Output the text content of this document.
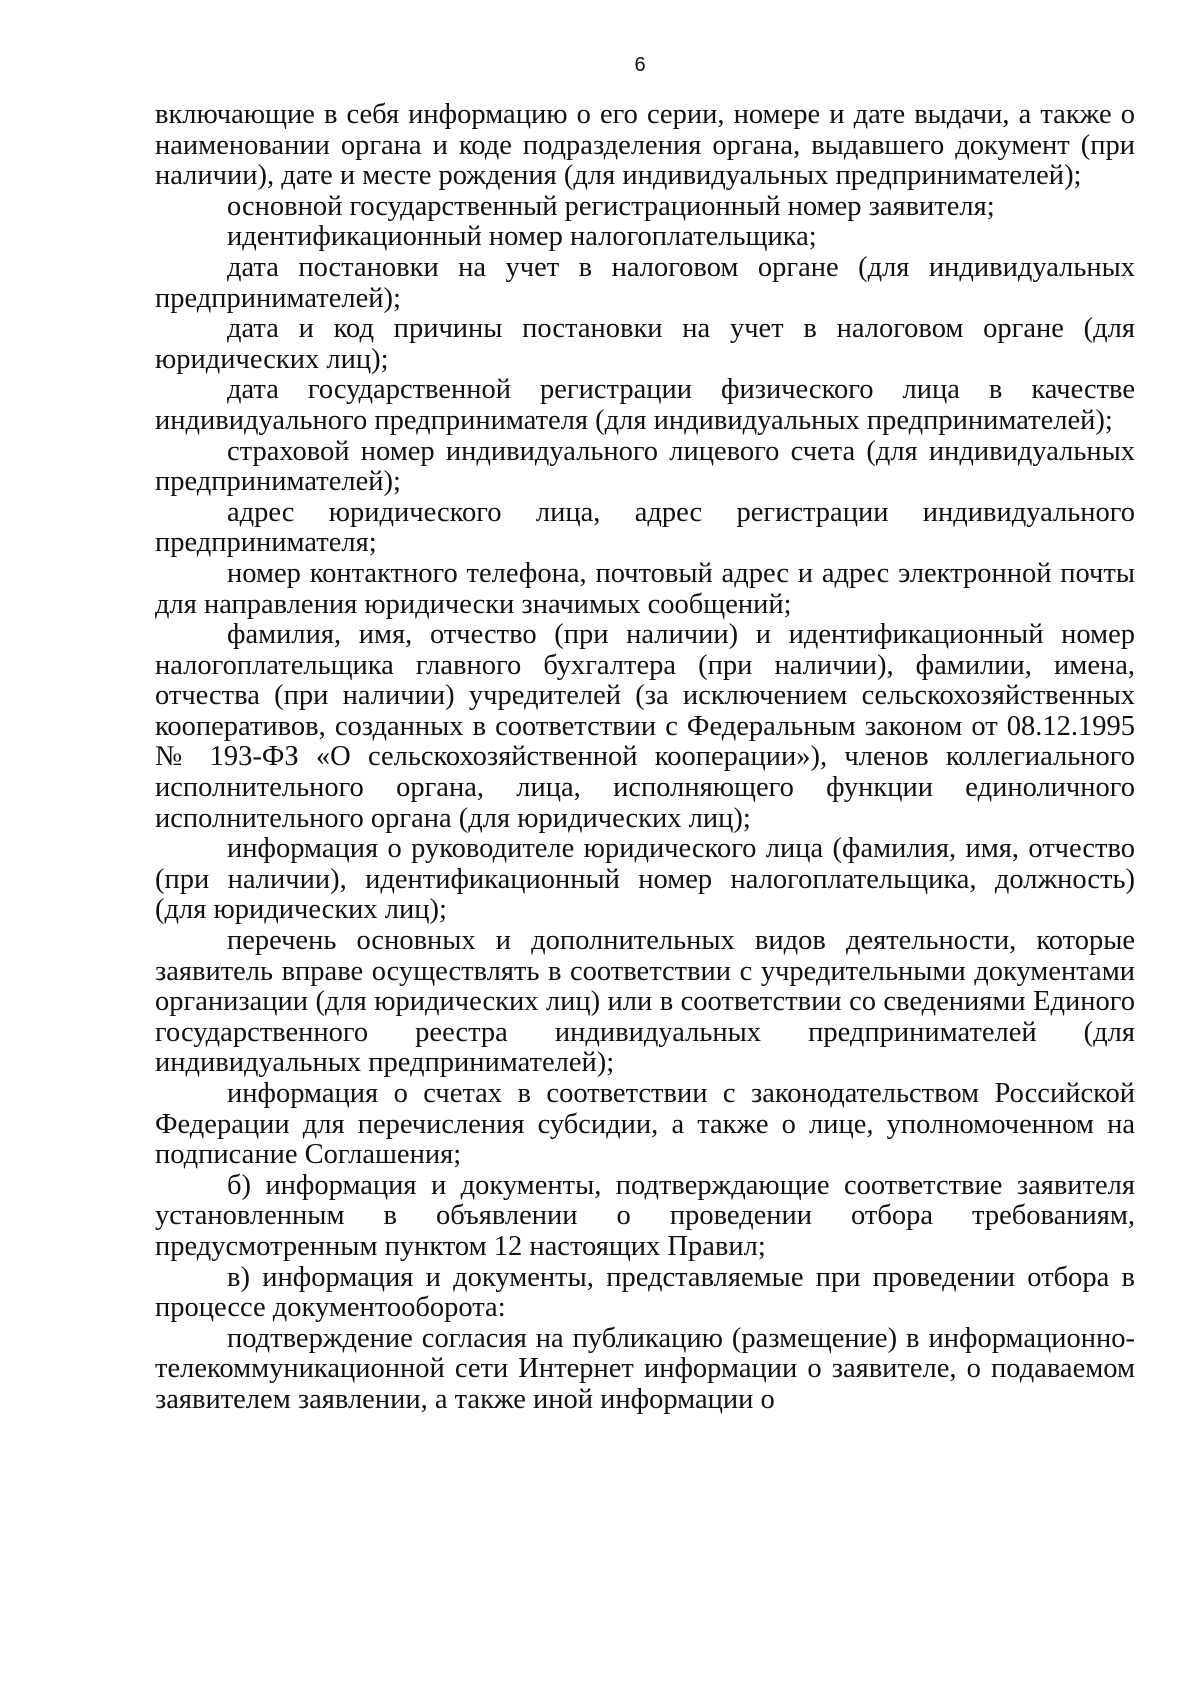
6

включающие в себя информацию о его серии, номере и дате выдачи, а также о наименовании органа и коде подразделения органа, выдавшего документ (при наличии), дате и месте рождения (для индивидуальных предпринимателей);

основной государственный регистрационный номер заявителя;

идентификационный номер налогоплательщика;

дата постановки на учет в налоговом органе (для индивидуальных предпринимателей);

дата и код причины постановки на учет в налоговом органе (для юридических лиц);

дата государственной регистрации физического лица в качестве индивидуального предпринимателя (для индивидуальных предпринимателей);

страховой номер индивидуального лицевого счета (для индивидуальных предпринимателей);

адрес юридического лица, адрес регистрации индивидуального предпринимателя;

номер контактного телефона, почтовый адрес и адрес электронной почты для направления юридически значимых сообщений;

фамилия, имя, отчество (при наличии) и идентификационный номер налогоплательщика главного бухгалтера (при наличии), фамилии, имена, отчества (при наличии) учредителей (за исключением сельскохозяйственных кооперативов, созданных в соответствии с Федеральным законом от 08.12.1995 № 193-ФЗ «О сельскохозяйственной кооперации»), членов коллегиального исполнительного органа, лица, исполняющего функции единоличного исполнительного органа (для юридических лиц);

информация о руководителе юридического лица (фамилия, имя, отчество (при наличии), идентификационный номер налогоплательщика, должность) (для юридических лиц);

перечень основных и дополнительных видов деятельности, которые заявитель вправе осуществлять в соответствии с учредительными документами организации (для юридических лиц) или в соответствии со сведениями Единого государственного реестра индивидуальных предпринимателей (для индивидуальных предпринимателей);

информация о счетах в соответствии с законодательством Российской Федерации для перечисления субсидии, а также о лице, уполномоченном на подписание Соглашения;

б) информация и документы, подтверждающие соответствие заявителя установленным в объявлении о проведении отбора требованиям, предусмотренным пунктом 12 настоящих Правил;

в) информация и документы, представляемые при проведении отбора в процессе документооборота:

подтверждение согласия на публикацию (размещение) в информационно-телекоммуникационной сети Интернет информации о заявителе, о подаваемом заявителем заявлении, а также иной информации о
